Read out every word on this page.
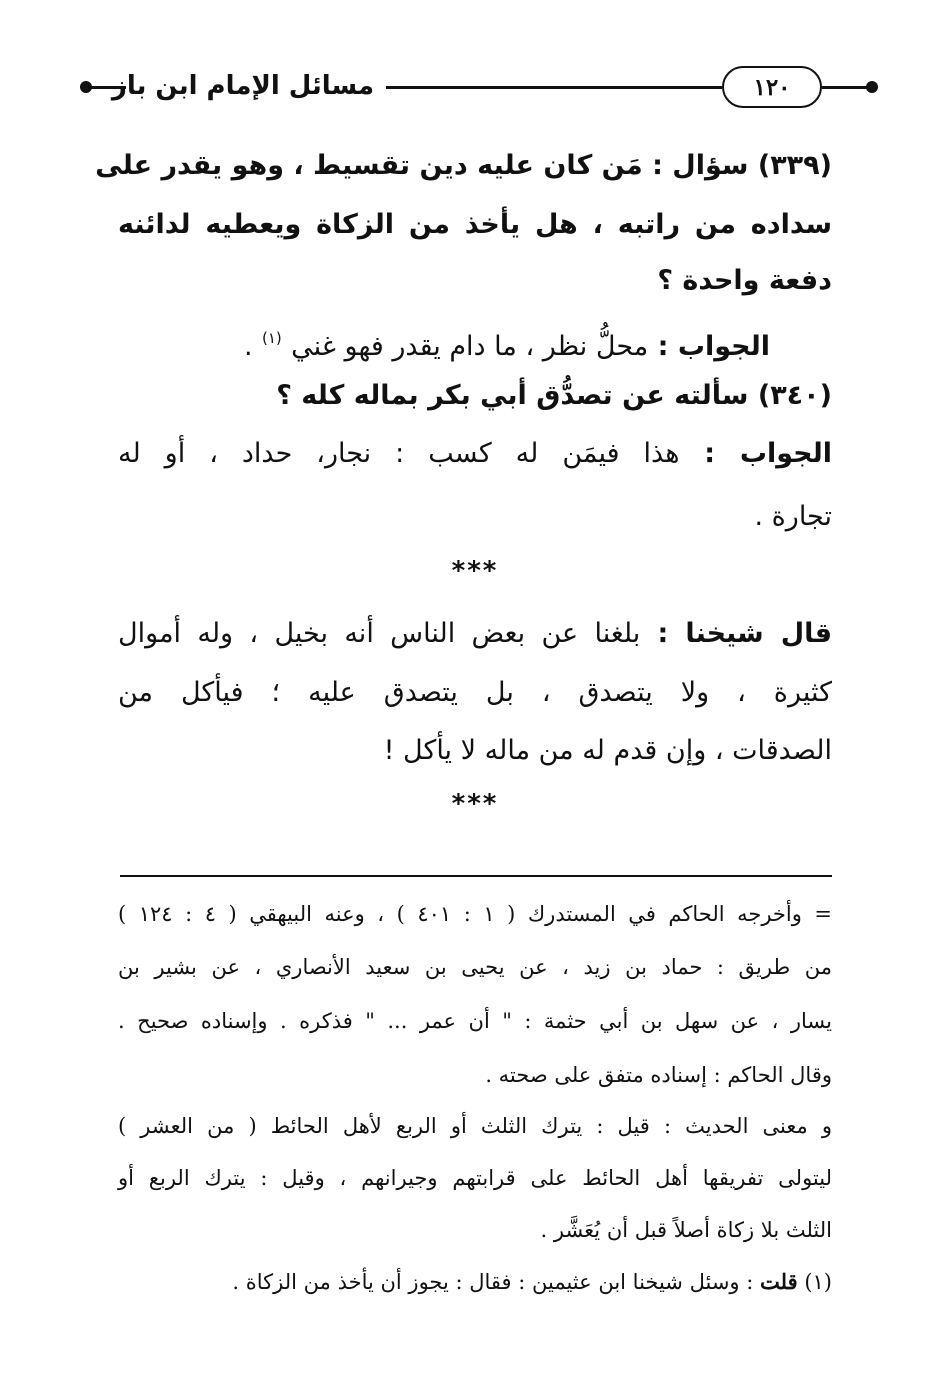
مسائل الإمام ابن باز	١٢٠
(٣٣٩) سؤال : مَن كان عليه دين تقسيط ، وهو يقدر على
سداده من راتبه ، هل يأخذ من الزكاة ويعطيه لدائنه
دفعة واحدة ؟
الجواب : محلُّ نظر ، ما دام يقدر فهو غني $^{(١)}$ .
(٣٤٠) سألته عن تصدُّق أبي بكر بماله كله ؟
الجواب : هذا فيمَن له كسب : نجار، حداد ، أو له
تجارة .
***
قال شيخنا : بلغنا عن بعض الناس أنه بخيل ، وله أموال
كثيرة ، ولا يتصدق ، بل يتصدق عليه ؛ فيأكل من
الصدقات ، وإن قدم له من ماله لا يأكل !
***
= وأخرجه الحاكم في المستدرك ( ١ : ٤٠١ ) ، وعنه البيهقي ( ٤ : ١٢٤ )
من طريق : حماد بن زيد ، عن يحيى بن سعيد الأنصاري ، عن بشير بن
يسار ، عن سهل بن أبي حثمة : " أن عمر ... " فذكره . وإسناده صحيح .
وقال الحاكم : إسناده متفق على صحته .
و معنى الحديث : قيل : يترك الثلث أو الربع لأهل الحائط ( من العشر )
ليتولى تفريقها أهل الحائط على قرابتهم وجيرانهم ، وقيل : يترك الربع أو
الثلث بلا زكاة أصلاً قبل أن يُعَشَّر .
(١) قلت : وسئل شيخنا ابن عثيمين : فقال : يجوز أن يأخذ من الزكاة .
